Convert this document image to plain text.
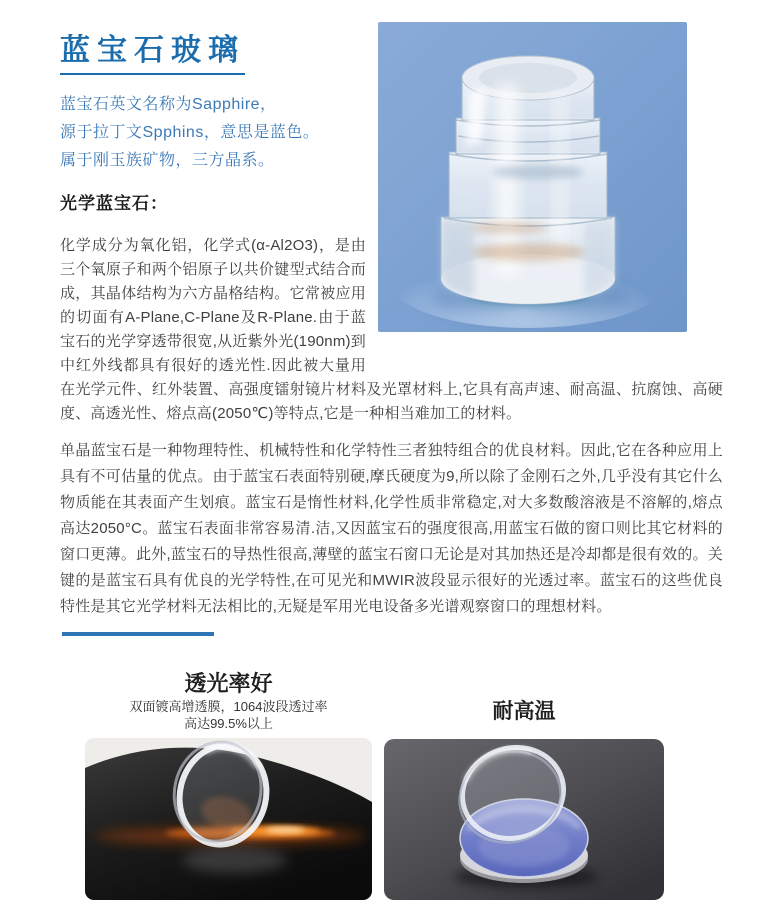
蓝宝石玻璃

蓝宝石英文名称为Sapphire，

源于拉丁文Spphins，意思是蓝色。

属于刚玉族矿物，三方晶系。

光学蓝宝石：

化学成分为氧化铝，化学式(α-Al2O3)，是由三个氧原子和两个铝原子以共价键型式结合而成，其晶体结构为六方晶格结构。它常被应用的切面有A-Plane,C-Plane及R-Plane.由于蓝宝石的光学穿透带很宽,从近紫外光(190nm)到中红外线都具有很好的透光性.因此被大量用在光学元件、红外装置、高强度镭射镜片材料及光罩材料上,它具有高声速、耐高温、抗腐蚀、高硬度、高透光性、熔点高(2050℃)等特点,它是一种相当难加工的材料。

单晶蓝宝石是一种物理特性、机械特性和化学特性三者独特组合的优良材料。因此,它在各种应用上具有不可估量的优点。由于蓝宝石表面特别硬,摩氏硬度为9,所以除了金刚石之外,几乎没有其它什么物质能在其表面产生划痕。蓝宝石是惰性材料,化学性质非常稳定,对大多数酸溶液是不溶解的,熔点高达2050°C。蓝宝石表面非常容易清.洁,又因蓝宝石的强度很高,用蓝宝石做的窗口则比其它材料的窗口更薄。此外,蓝宝石的导热性很高,薄壁的蓝宝石窗口无论是对其加热还是冷却都是很有效的。关键的是蓝宝石具有优良的光学特性,在可见光和MWIR波段显示很好的光透过率。蓝宝石的这些优良特性是其它光学材料无法相比的,无疑是军用光电设备多光谱观察窗口的理想材料。

透光率好
双面镀高增透膜，1064波段透过率
高达99.5%以上
耐高温
